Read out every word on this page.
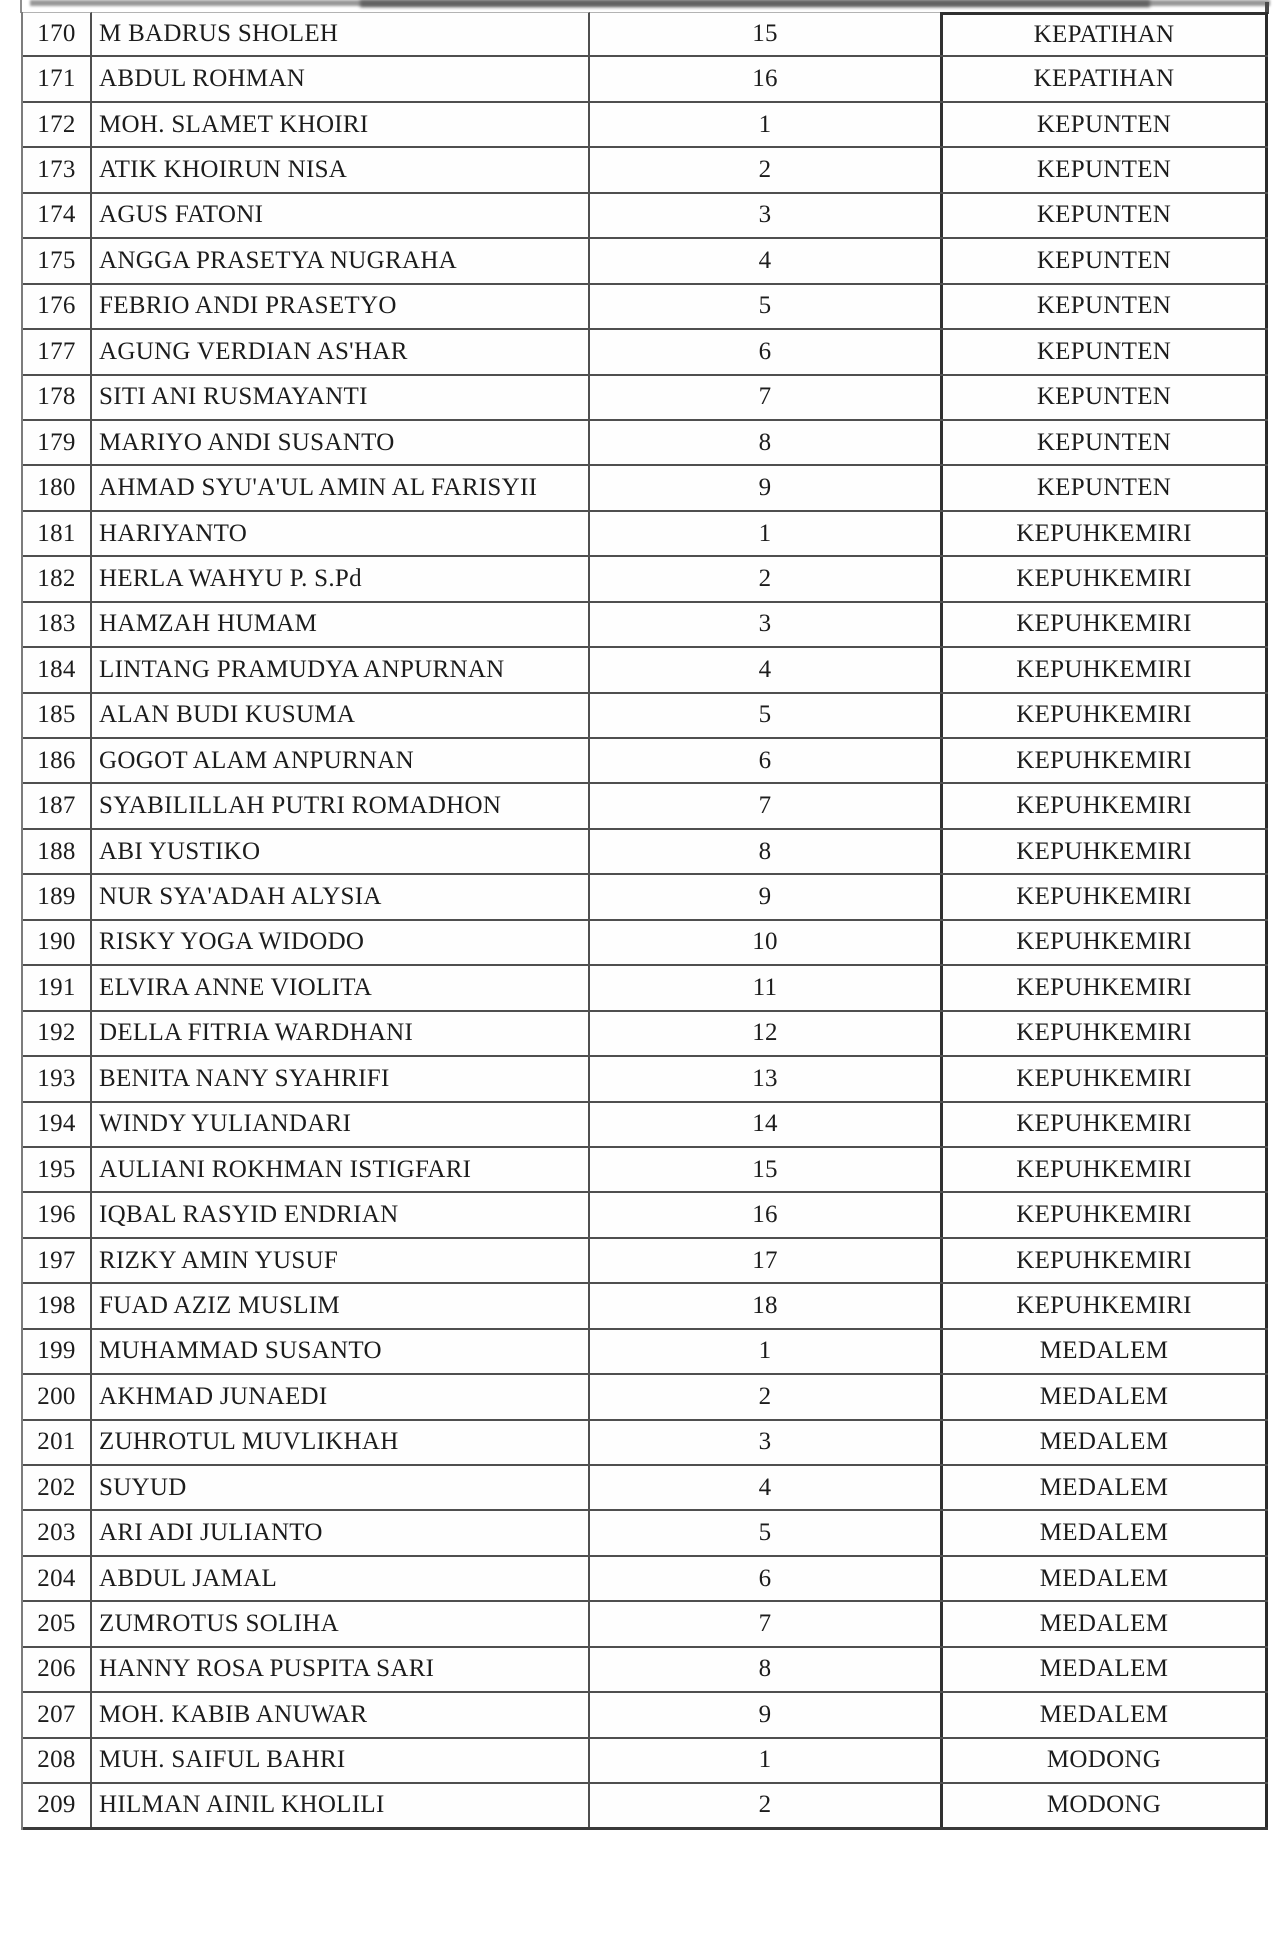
170 M BADRUS SHOLEH	15	KEPATIHAN
171 ABDUL ROHMAN	16	KEPATIHAN
172 MOH. SLAMET KHOIRI	1	KEPUNTEN
173 ATIK KHOIRUN NISA	2	KEPUNTEN
174 AGUS FATONI	3	KEPUNTEN
175 ANGGA PRASETYA NUGRAHA	4	KEPUNTEN
176 FEBRIO ANDI PRASETYO	5	KEPUNTEN
177 AGUNG VERDIAN AS'HAR	6	KEPUNTEN
178 SITI ANI RUSMAYANTI	7	KEPUNTEN
179 MARIYO ANDI SUSANTO	8	KEPUNTEN
180 AHMAD SYU'A'UL AMIN AL FARISYII	9	KEPUNTEN
181 HARIYANTO	1	KEPUHKEMIRI
182 HERLA WAHYU P. S.Pd	2	KEPUHKEMIRI
183 HAMZAH HUMAM	3	KEPUHKEMIRI
184 LINTANG PRAMUDYA ANPURNAN	4	KEPUHKEMIRI
185 ALAN BUDI KUSUMA	5	KEPUHKEMIRI
186 GOGOT ALAM ANPURNAN	6	KEPUHKEMIRI
187 SYABILILLAH PUTRI ROMADHON	7	KEPUHKEMIRI
188 ABI YUSTIKO	8	KEPUHKEMIRI
189 NUR SYA'ADAH ALYSIA	9	KEPUHKEMIRI
190 RISKY YOGA WIDODO	10	KEPUHKEMIRI
191 ELVIRA ANNE VIOLITA	11	KEPUHKEMIRI
192 DELLA FITRIA WARDHANI	12	KEPUHKEMIRI
193 BENITA NANY SYAHRIFI	13	KEPUHKEMIRI
194 WINDY YULIANDARI	14	KEPUHKEMIRI
195 AULIANI ROKHMAN ISTIGFARI	15	KEPUHKEMIRI
196 IQBAL RASYID ENDRIAN	16	KEPUHKEMIRI
197 RIZKY AMIN YUSUF	17	KEPUHKEMIRI
198 FUAD AZIZ MUSLIM	18	KEPUHKEMIRI
199 MUHAMMAD SUSANTO	1	MEDALEM
200 AKHMAD JUNAEDI	2	MEDALEM
201 ZUHROTUL MUVLIKHAH	3	MEDALEM
202 SUYUD	4	MEDALEM
203 ARI ADI JULIANTO	5	MEDALEM
204 ABDUL JAMAL	6	MEDALEM
205 ZUMROTUS SOLIHA	7	MEDALEM
206 HANNY ROSA PUSPITA SARI	8	MEDALEM
207 MOH. KABIB ANUWAR	9	MEDALEM
208 MUH. SAIFUL BAHRI	1	MODONG
209 HILMAN AINIL KHOLILI	2	MODONG
